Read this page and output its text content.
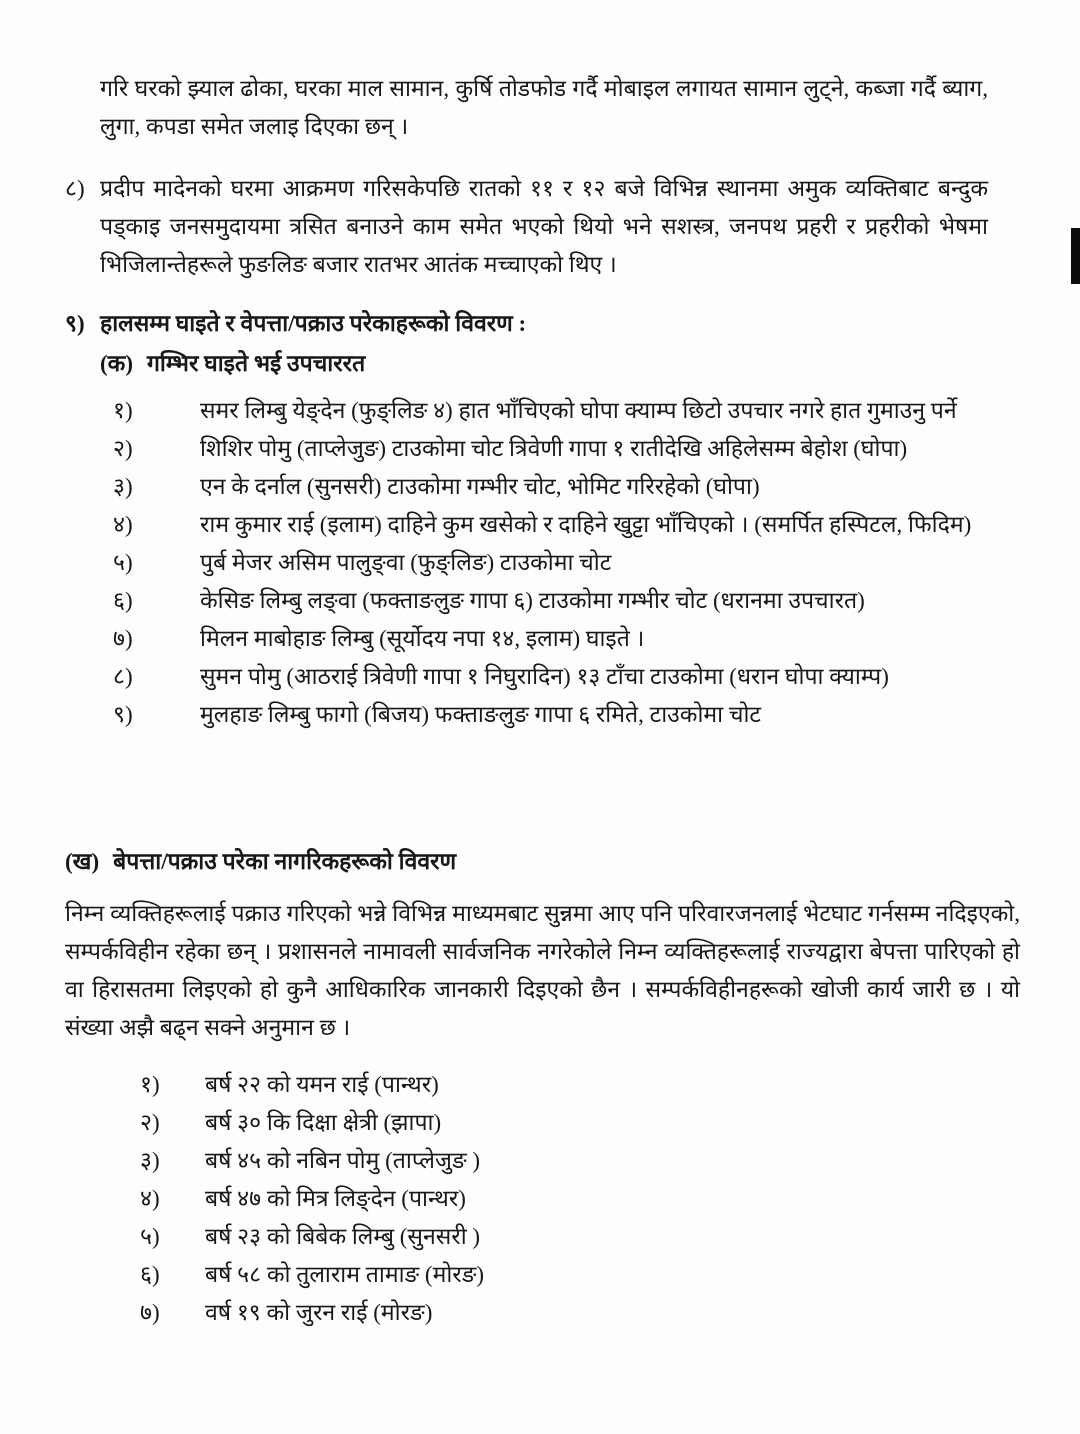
गरि घरको झ्याल ढोका, घरका माल सामान, कुर्षि तोडफोड गर्दै मोबाइल लगायत सामान लुट्ने, कब्जा गर्दै ब्याग, लुगा, कपडा समेत जलाइ दिएका छन् ।
८) प्रदीप मादेनको घरमा आक्रमण गरिसकेपछि रातको ११ र १२ बजे विभिन्न स्थानमा अमुक व्यक्तिबाट बन्दुक पड्काइ जनसमुदायमा त्रसित बनाउने काम समेत भएको थियो भने सशस्त्र, जनपथ प्रहरी र प्रहरीको भेषमा भिजिलान्तेहरूले फुङलिङ बजार रातभर आतंक मच्चाएको थिए ।
९) हालसम्म घाइते र वेपत्ता/पक्राउ परेकाहरूको विवरण :
(क) गम्भिर घाइते भई उपचाररत
१)	समर लिम्बु येङ्देन (फुङ्लिङ ४) हात भाँचिएको घोपा क्याम्प छिटो उपचार नगरे हात गुमाउनु पर्ने
२)	शिशिर पोमु (ताप्लेजुङ) टाउकोमा चोट त्रिवेणी गापा १ रातीदेखि अहिलेसम्म बेहोश (घोपा)
३)	एन के दर्नाल (सुनसरी) टाउकोमा गम्भीर चोट, भोमिट गरिरहेको (घोपा)
४)	राम कुमार राई (इलाम) दाहिने कुम खसेको र दाहिने खुट्टा भाँचिएको । (समर्पित हस्पिटल, फिदिम)
५)	पुर्ब मेजर असिम पालुङ्वा (फुङ्लिङ) टाउकोमा चोट
६)	केसिङ लिम्बु लङ्वा (फक्ताङलुङ गापा ६) टाउकोमा गम्भीर चोट (धरानमा उपचारत)
७)	मिलन माबोहाङ लिम्बु (सूर्योदय नपा १४, इलाम) घाइते ।
८)	सुमन पोमु (आठराई त्रिवेणी गापा १ निघुरादिन) १३ टाँचा टाउकोमा (धरान घोपा क्याम्प)
९)	मुलहाङ लिम्बु फागो (बिजय) फक्ताङलुङ गापा ६ रमिते, टाउकोमा चोट
(ख) बेपत्ता/पक्राउ परेका नागरिकहरूको विवरण
निम्न व्यक्तिहरूलाई पक्राउ गरिएको भन्ने विभिन्न माध्यमबाट सुन्नमा आए पनि परिवारजनलाई भेटघाट गर्नसम्म नदिइएको, सम्पर्कविहीन रहेका छन् । प्रशासनले नामावली सार्वजनिक नगरेकोले निम्न व्यक्तिहरूलाई राज्यद्वारा बेपत्ता पारिएको हो वा हिरासतमा लिइएको हो कुनै आधिकारिक जानकारी दिइएको छैन । सम्पर्कविहीनहरूको खोजी कार्य जारी छ । यो संख्या अझै बढ्न सक्ने अनुमान छ ।
१)	बर्ष २२ को यमन राई (पान्थर)
२)	बर्ष ३० कि दिक्षा क्षेत्री (झापा)
३)	बर्ष ४५ को नबिन पोमु (ताप्लेजुङ )
४)	बर्ष ४७ को मित्र लिङ्देन (पान्थर)
५)	बर्ष २३ को बिबेक लिम्बु (सुनसरी )
६)	बर्ष ५८ को तुलाराम तामाङ (मोरङ)
७)	वर्ष १९ को जुरन राई (मोरङ)
